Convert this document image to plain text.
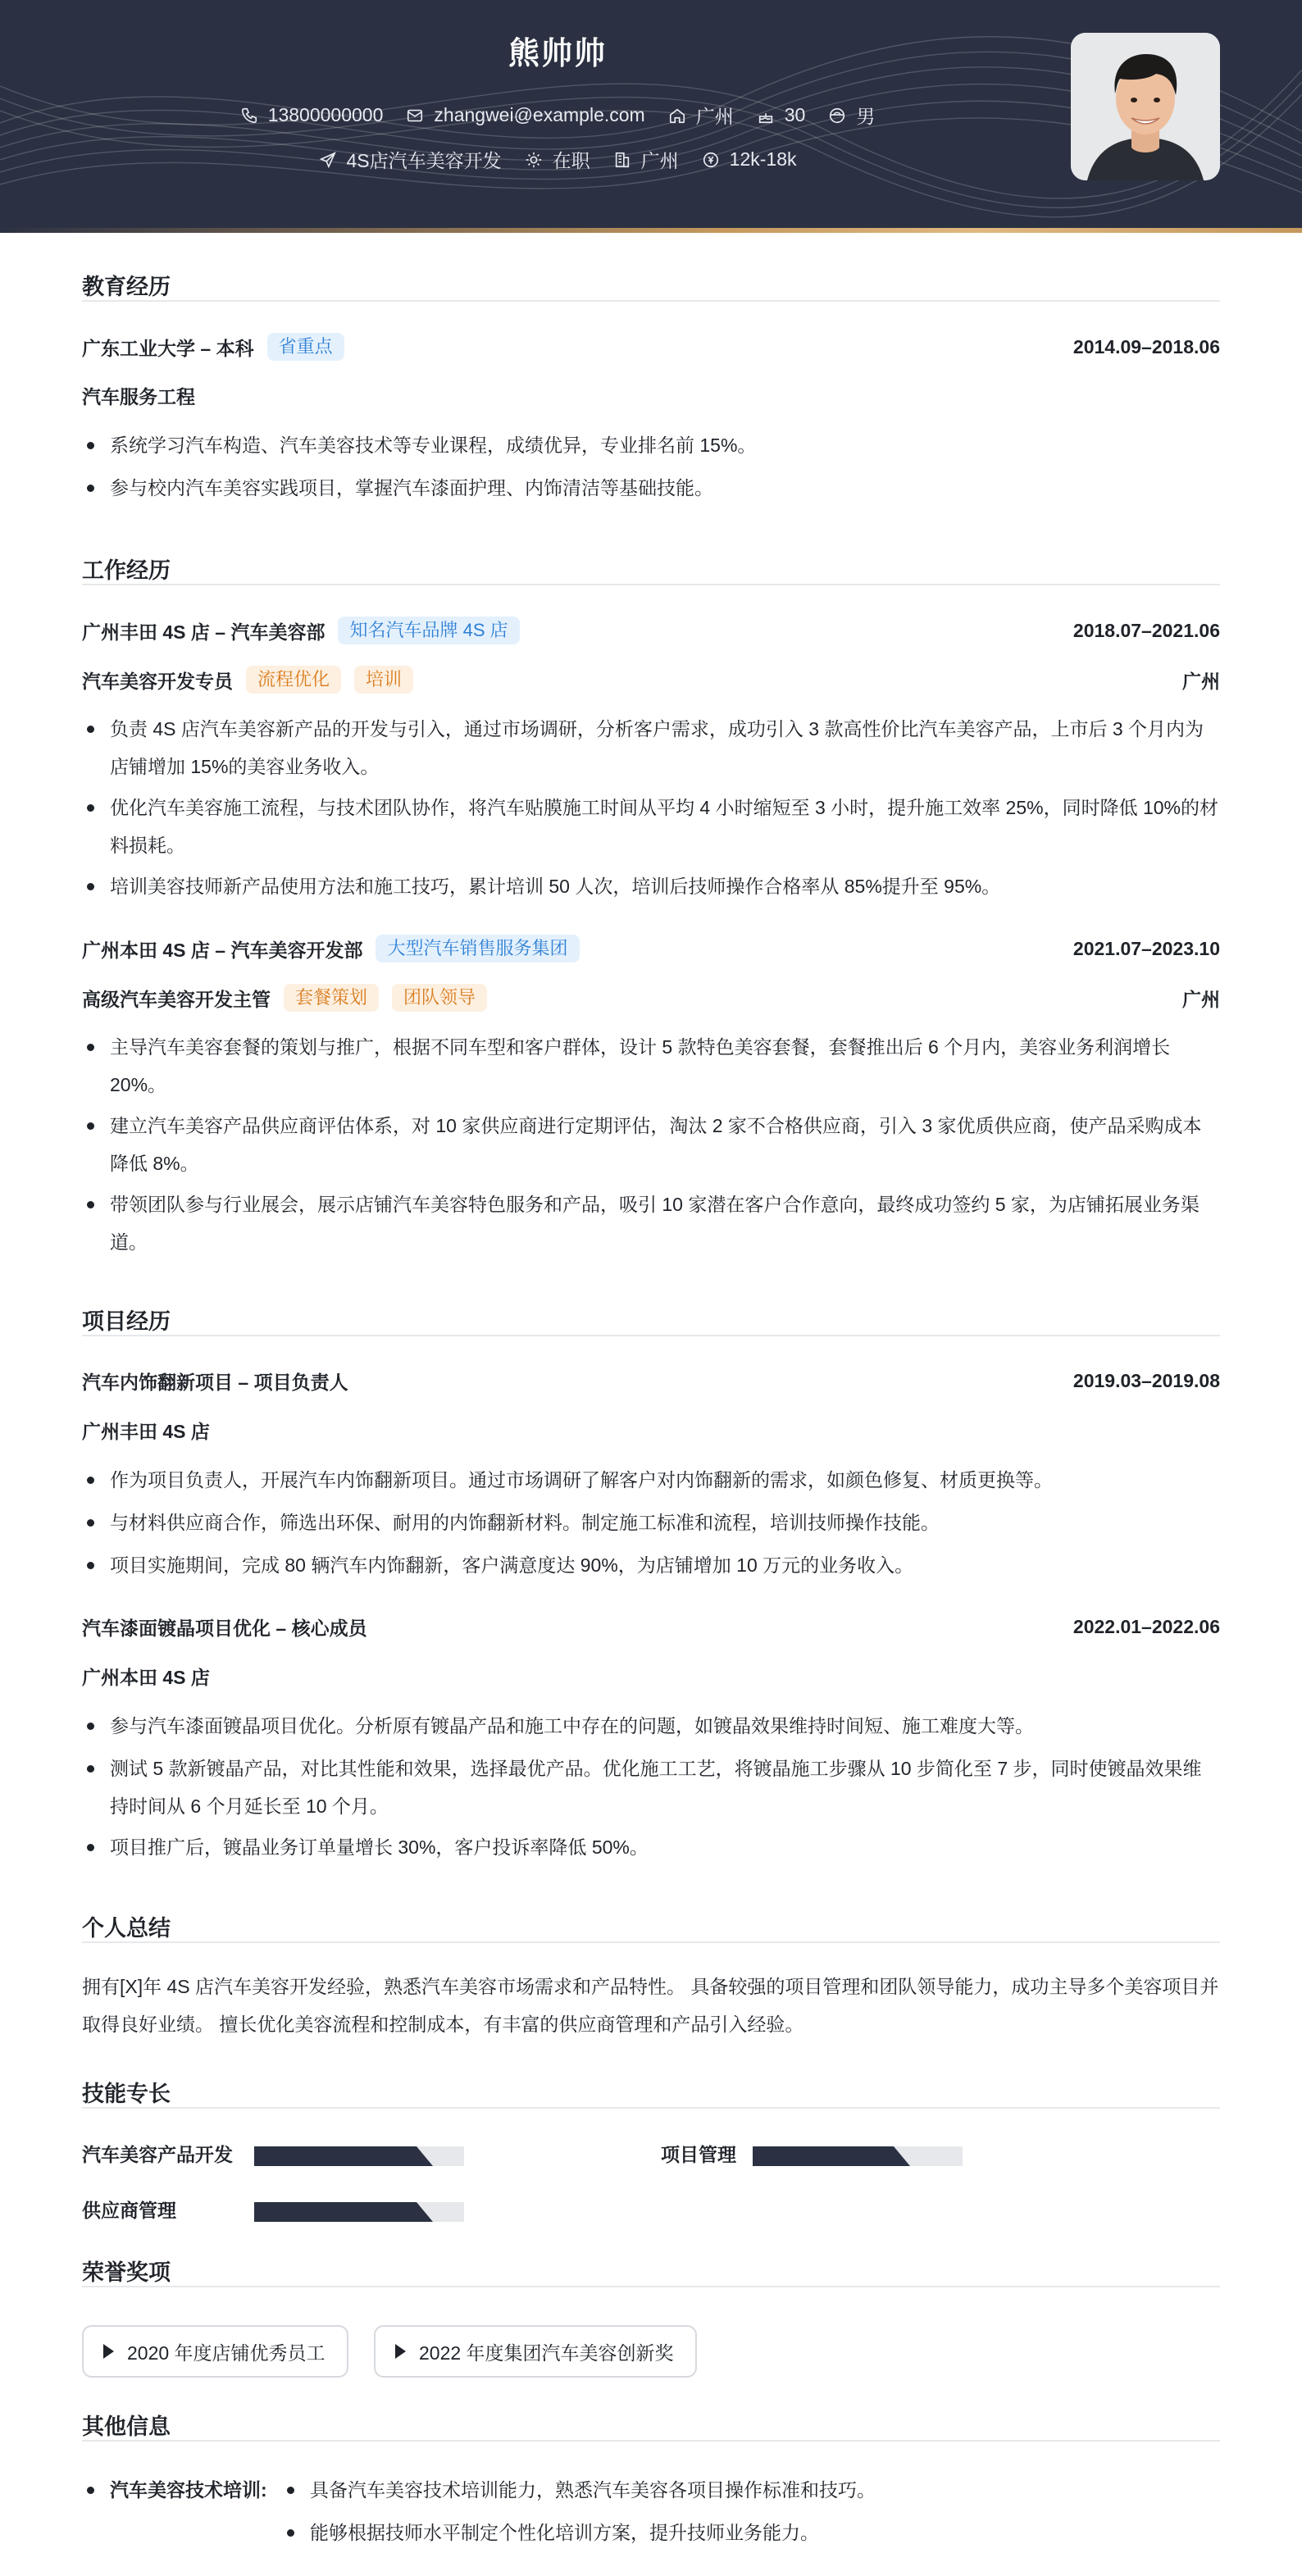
熊帅帅
13800000000	zhangwei@example.com	广州	30	男
4S店汽车美容开发	在职	广州	12k-18k
教育经历
广东工业大学 – 本科	省重点	2014.09–2018.06
汽车服务工程
系统学习汽车构造、汽车美容技术等专业课程，成绩优异，专业排名前 15%。
参与校内汽车美容实践项目，掌握汽车漆面护理、内饰清洁等基础技能。
工作经历
广州丰田 4S 店 – 汽车美容部	知名汽车品牌 4S 店	2018.07–2021.06
汽车美容开发专员	流程优化	培训	广州
负责 4S 店汽车美容新产品的开发与引入，通过市场调研，分析客户需求，成功引入 3 款高性价比汽车美容产品，上市后 3 个月内为店铺增加 15%的美容业务收入。
优化汽车美容施工流程，与技术团队协作，将汽车贴膜施工时间从平均 4 小时缩短至 3 小时，提升施工效率 25%，同时降低 10%的材料损耗。
培训美容技师新产品使用方法和施工技巧，累计培训 50 人次，培训后技师操作合格率从 85%提升至 95%。
广州本田 4S 店 – 汽车美容开发部	大型汽车销售服务集团	2021.07–2023.10
高级汽车美容开发主管	套餐策划	团队领导	广州
主导汽车美容套餐的策划与推广，根据不同车型和客户群体，设计 5 款特色美容套餐，套餐推出后 6 个月内，美容业务利润增长 20%。
建立汽车美容产品供应商评估体系，对 10 家供应商进行定期评估，淘汰 2 家不合格供应商，引入 3 家优质供应商，使产品采购成本降低 8%。
带领团队参与行业展会，展示店铺汽车美容特色服务和产品，吸引 10 家潜在客户合作意向，最终成功签约 5 家，为店铺拓展业务渠道。
项目经历
汽车内饰翻新项目 – 项目负责人	2019.03–2019.08
广州丰田 4S 店
作为项目负责人，开展汽车内饰翻新项目。通过市场调研了解客户对内饰翻新的需求，如颜色修复、材质更换等。
与材料供应商合作，筛选出环保、耐用的内饰翻新材料。制定施工标准和流程，培训技师操作技能。
项目实施期间，完成 80 辆汽车内饰翻新，客户满意度达 90%，为店铺增加 10 万元的业务收入。
汽车漆面镀晶项目优化 – 核心成员	2022.01–2022.06
广州本田 4S 店
参与汽车漆面镀晶项目优化。分析原有镀晶产品和施工中存在的问题，如镀晶效果维持时间短、施工难度大等。
测试 5 款新镀晶产品，对比其性能和效果，选择最优产品。优化施工工艺，将镀晶施工步骤从 10 步简化至 7 步，同时使镀晶效果维持时间从 6 个月延长至 10 个月。
项目推广后，镀晶业务订单量增长 30%，客户投诉率降低 50%。
个人总结
拥有[X]年 4S 店汽车美容开发经验，熟悉汽车美容市场需求和产品特性。 具备较强的项目管理和团队领导能力，成功主导多个美容项目并取得良好业绩。 擅长优化美容流程和控制成本，有丰富的供应商管理和产品引入经验。
技能专长
汽车美容产品开发	项目管理
供应商管理
荣誉奖项
2020 年度店铺优秀员工	2022 年度集团汽车美容创新奖
其他信息
汽车美容技术培训:	具备汽车美容技术培训能力，熟悉汽车美容各项目操作标准和技巧。
能够根据技师水平制定个性化培训方案，提升技师业务能力。
